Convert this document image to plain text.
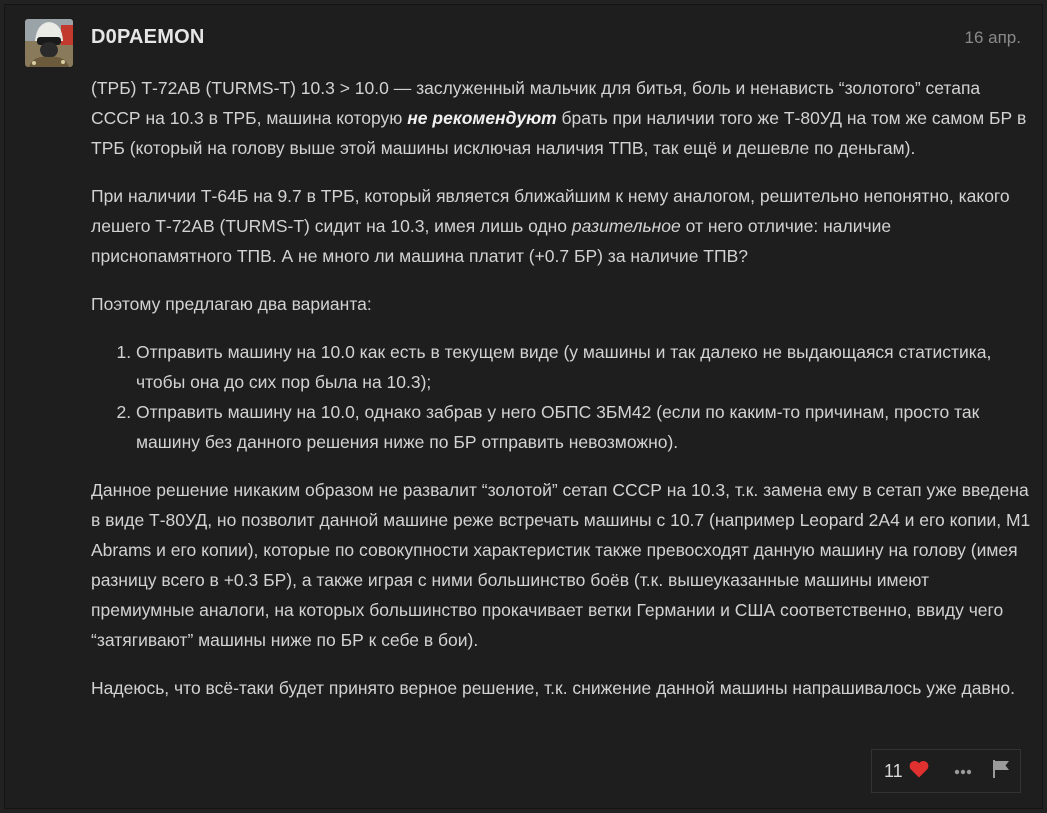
D0PAEMON	16 апр.

(ТРБ) Т-72АВ (TURMS-T) 10.3 > 10.0 — заслуженный мальчик для битья, боль и ненависть “золотого” сетапа СССР на 10.3 в ТРБ, машина которую не рекомендуют брать при наличии того же Т-80УД на том же самом БР в ТРБ (который на голову выше этой машины исключая наличия ТПВ, так ещё и дешевле по деньгам).

При наличии Т-64Б на 9.7 в ТРБ, который является ближайшим к нему аналогом, решительно непонятно, какого лешего Т-72АВ (TURMS-T) сидит на 10.3, имея лишь одно разительное от него отличие: наличие приснопамятного ТПВ. А не много ли машина платит (+0.7 БР) за наличие ТПВ?

Поэтому предлагаю два варианта:

1. Отправить машину на 10.0 как есть в текущем виде (у машины и так далеко не выдающаяся статистика, чтобы она до сих пор была на 10.3);
2. Отправить машину на 10.0, однако забрав у него ОБПС 3БМ42 (если по каким-то причинам, просто так машину без данного решения ниже по БР отправить невозможно).

Данное решение никаким образом не развалит “золотой” сетап СССР на 10.3, т.к. замена ему в сетап уже введена в виде Т-80УД, но позволит данной машине реже встречать машины с 10.7 (например Leopard 2A4 и его копии, M1 Abrams и его копии), которые по совокупности характеристик также превосходят данную машину на голову (имея разницу всего в +0.3 БР), а также играя с ними большинство боёв (т.к. вышеуказанные машины имеют премиумные аналоги, на которых большинство прокачивает ветки Германии и США соответственно, ввиду чего “затягивают” машины ниже по БР к себе в бои).

Надеюсь, что всё-таки будет принято верное решение, т.к. снижение данной машины напрашивалось уже давно.

11
